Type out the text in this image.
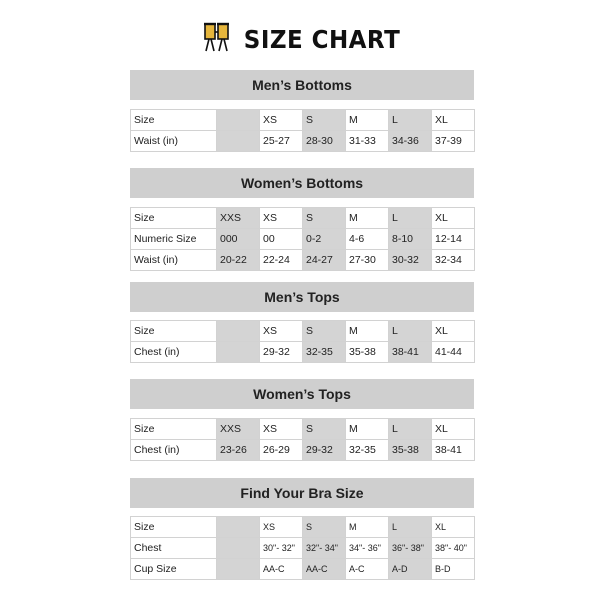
SIZE CHART
Men’s Bottoms
Size		XS	S	M	L	XL
Waist (in)		25-27	28-30	31-33	34-36	37-39
Women’s Bottoms
Size	XXS	XS	S	M	L	XL
Numeric Size	000	00	0-2	4-6	8-10	12-14
Waist (in)	20-22	22-24	24-27	27-30	30-32	32-34
Men’s Tops
Size		XS	S	M	L	XL
Chest (in)		29-32	32-35	35-38	38-41	41-44
Women’s Tops
Size	XXS	XS	S	M	L	XL
Chest (in)	23-26	26-29	29-32	32-35	35-38	38-41
Find Your Bra Size
Size		XS	S	M	L	XL
Chest		30"- 32"	32"- 34"	34"- 36"	36"- 38"	38"- 40"
Cup Size		AA-C	AA-C	A-C	A-D	B-D
